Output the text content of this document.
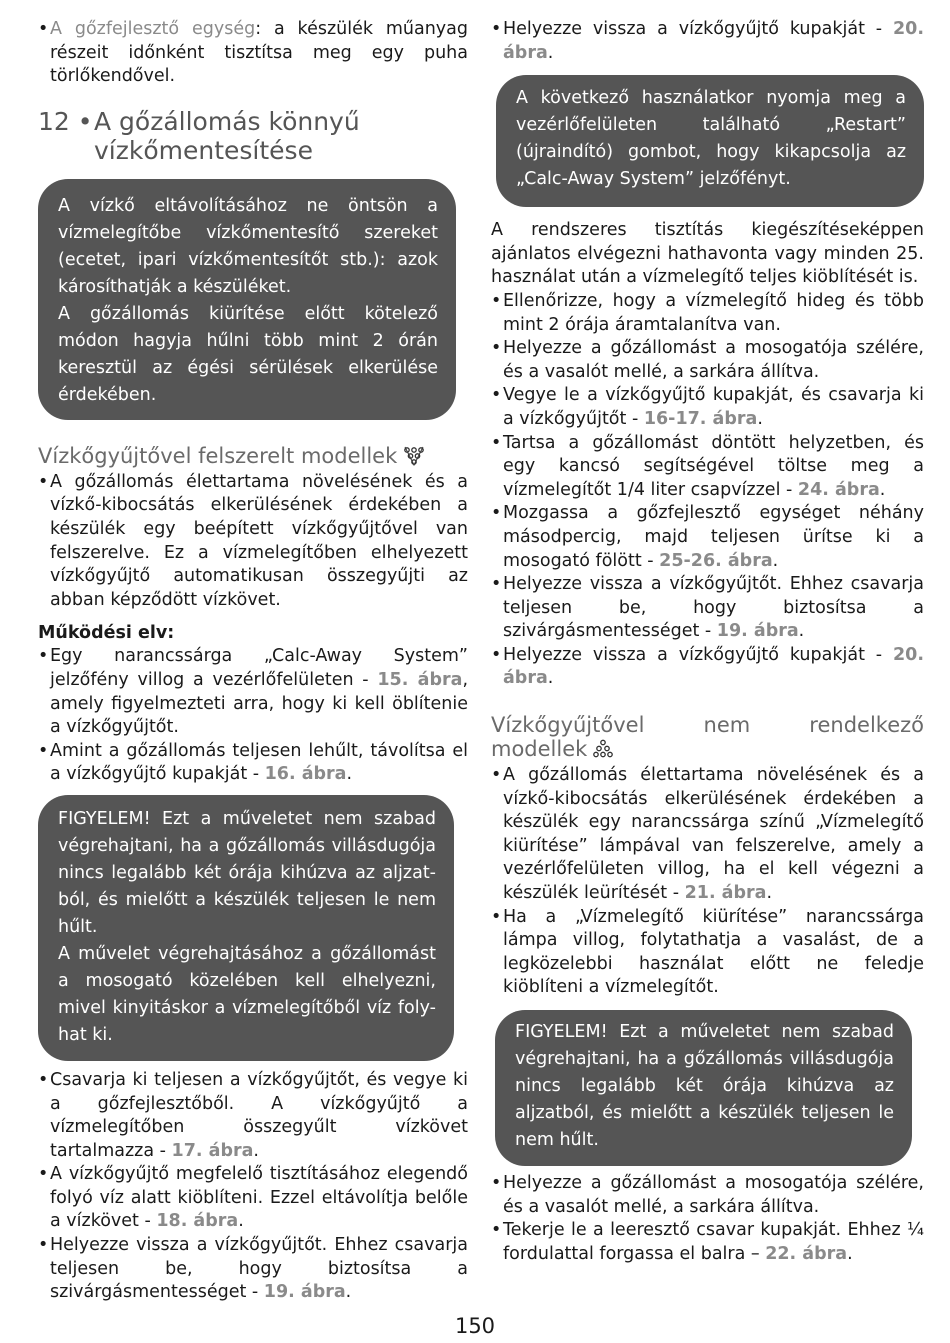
• A gőzfejlesztő egység: a készülék műanyag részeit időnként tisztítsa meg egy puha törlőkendővel.
12 •A gőzállomás könnyű
vízkőmentesítése

A vízkő eltávolításához ne öntsön a vízmelegítőbe vízkőmentesítő szereket (ecetet, ipari vízkőmentesítőt stb.): azok károsíthatják a készüléket.

A gőzállomás kiürítése előtt kötelező módon hagyja hűlni több mint 2 órán keresztül az égési sérülések elkerülése érdekében.

Vízkőgyűjtővel felszerelt modellek
• A gőzállomás élettartama növelésének és a vízkő-kibocsátás elkerülésének érdekében a készülék egy beépített vízkőgyűjtővel van felszerelve. Ez a vízmelegítőben elhelyezett vízkőgyűjtő automatikusan összegyűjti az abban képződött vízkövet.
Működési elv:
• Egy narancssárga „Calc-Away System” jelzőfény villog a vezérlőfelületen - 15. ábra, amely figyelmezteti arra, hogy ki kell öblítenie a vízkőgyűjtőt.
• Amint a gőzállomás teljesen lehűlt, távolítsa el a vízkőgyűjtő kupakját - 16. ábra.

FIGYELEM! Ezt a műveletet nem szabad végrehajtani, ha a gőzállomás villásdugója nincs legalább két órája kihúzva az aljzat-ból, és mielőtt a készülék teljesen le nem hűlt.

A művelet végrehajtásához a gőzállomást a mosogató közelében kell elhelyezni, mivel kinyitáskor a vízmelegítőből víz foly-hat ki.

• Csavarja ki teljesen a vízkőgyűjtőt, és vegye ki a gőzfejlesztőből. A vízkőgyűjtő a vízmelegítőben összegyűlt vízkövet tartalmazza - 17. ábra.
• A vízkőgyűjtő megfelelő tisztításához elegendő folyó víz alatt kiöblíteni. Ezzel eltávolítja belőle a vízkövet - 18. ábra.
• Helyezze vissza a vízkőgyűjtőt. Ehhez csavarja teljesen be, hogy biztosítsa a szivárgásmentességet - 19. ábra.
• Helyezze vissza a vízkőgyűjtő kupakját - 20. ábra.

A következő használatkor nyomja meg a vezérlőfelületen található „Restart” (újraindító) gombot, hogy kikapcsolja az „Calc-Away System” jelzőfényt.

A rendszeres tisztítás kiegészítéseképpen ajánlatos elvégezni hathavonta vagy minden 25. használat után a vízmelegítő teljes kiöblítését is.

• Ellenőrizze, hogy a vízmelegítő hideg és több mint 2 órája áramtalanítva van.
• Helyezze a gőzállomást a mosogatója szélére, és a vasalót mellé, a sarkára állítva.
• Vegye le a vízkőgyűjtő kupakját, és csavarja ki a vízkőgyűjtőt - 16-17. ábra.
• Tartsa a gőzállomást döntött helyzetben, és egy kancsó segítségével töltse meg a vízmelegítőt 1/4 liter csapvízzel - 24. ábra.
• Mozgassa a gőzfejlesztő egységet néhány másodpercig, majd teljesen ürítse ki a mosogató fölött - 25-26. ábra.
• Helyezze vissza a vízkőgyűjtőt. Ehhez csavarja teljesen be, hogy biztosítsa a szivárgásmentességet - 19. ábra.
• Helyezze vissza a vízkőgyűjtő kupakját - 20. ábra.
Vízkőgyűjtővel nem rendelkező
modellek
• A gőzállomás élettartama növelésének és a vízkő-kibocsátás elkerülésének érdekében a készülék egy narancssárga színű „Vízmelegítő kiürítése” lámpával van felszerelve, amely a vezérlőfelületen villog, ha el kell végezni a készülék leürítését - 21. ábra.
• Ha a „Vízmelegítő kiürítése” narancssárga lámpa villog, folytathatja a vasalást, de a legközelebbi használat előtt ne feledje kiöblíteni a vízmelegítőt.

FIGYELEM! Ezt a műveletet nem szabad végrehajtani, ha a gőzállomás villásdugója nincs legalább két órája kihúzva az aljzatból, és mielőtt a készülék teljesen le nem hűlt.

• Helyezze a gőzállomást a mosogatója szélére, és a vasalót mellé, a sarkára állítva.
• Tekerje le a leeresztő csavar kupakját. Ehhez ¼ fordulattal forgassa el balra – 22. ábra.
150
